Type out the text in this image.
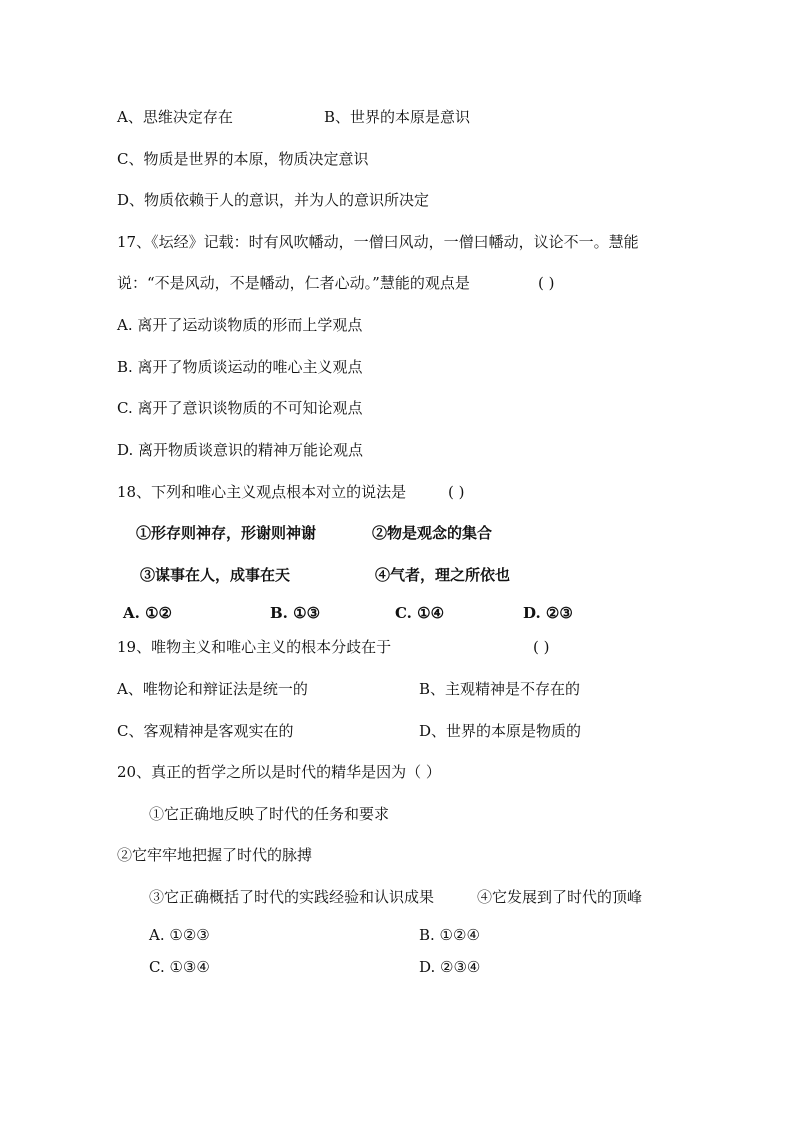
A、思维决定存在	B、世界的本原是意识
C、物质是世界的本原，物质决定意识
D、物质依赖于人的意识，并为人的意识所决定
17、《坛经》记载：时有风吹幡动，一僧曰风动，一僧曰幡动，议论不一。慧能
说：“不是风动，不是幡动，仁者心动。”慧能的观点是	( )
A. 离开了运动谈物质的形而上学观点
B. 离开了物质谈运动的唯心主义观点
C. 离开了意识谈物质的不可知论观点
D. 离开物质谈意识的精神万能论观点
18、下列和唯心主义观点根本对立的说法是	( )
①形存则神存，形谢则神谢	②物是观念的集合
③谋事在人，成事在天	④气者，理之所依也
A. ①②	B. ①③	C. ①④	D. ②③
19、唯物主义和唯心主义的根本分歧在于	( )
A、唯物论和辩证法是统一的	B、主观精神是不存在的
C、客观精神是客观实在的	D、世界的本原是物质的
20、真正的哲学之所以是时代的精华是因为（ ）
①它正确地反映了时代的任务和要求
②它牢牢地把握了时代的脉搏
③它正确概括了时代的实践经验和认识成果	④它发展到了时代的顶峰
A. ①②③	B. ①②④
C. ①③④	D. ②③④
